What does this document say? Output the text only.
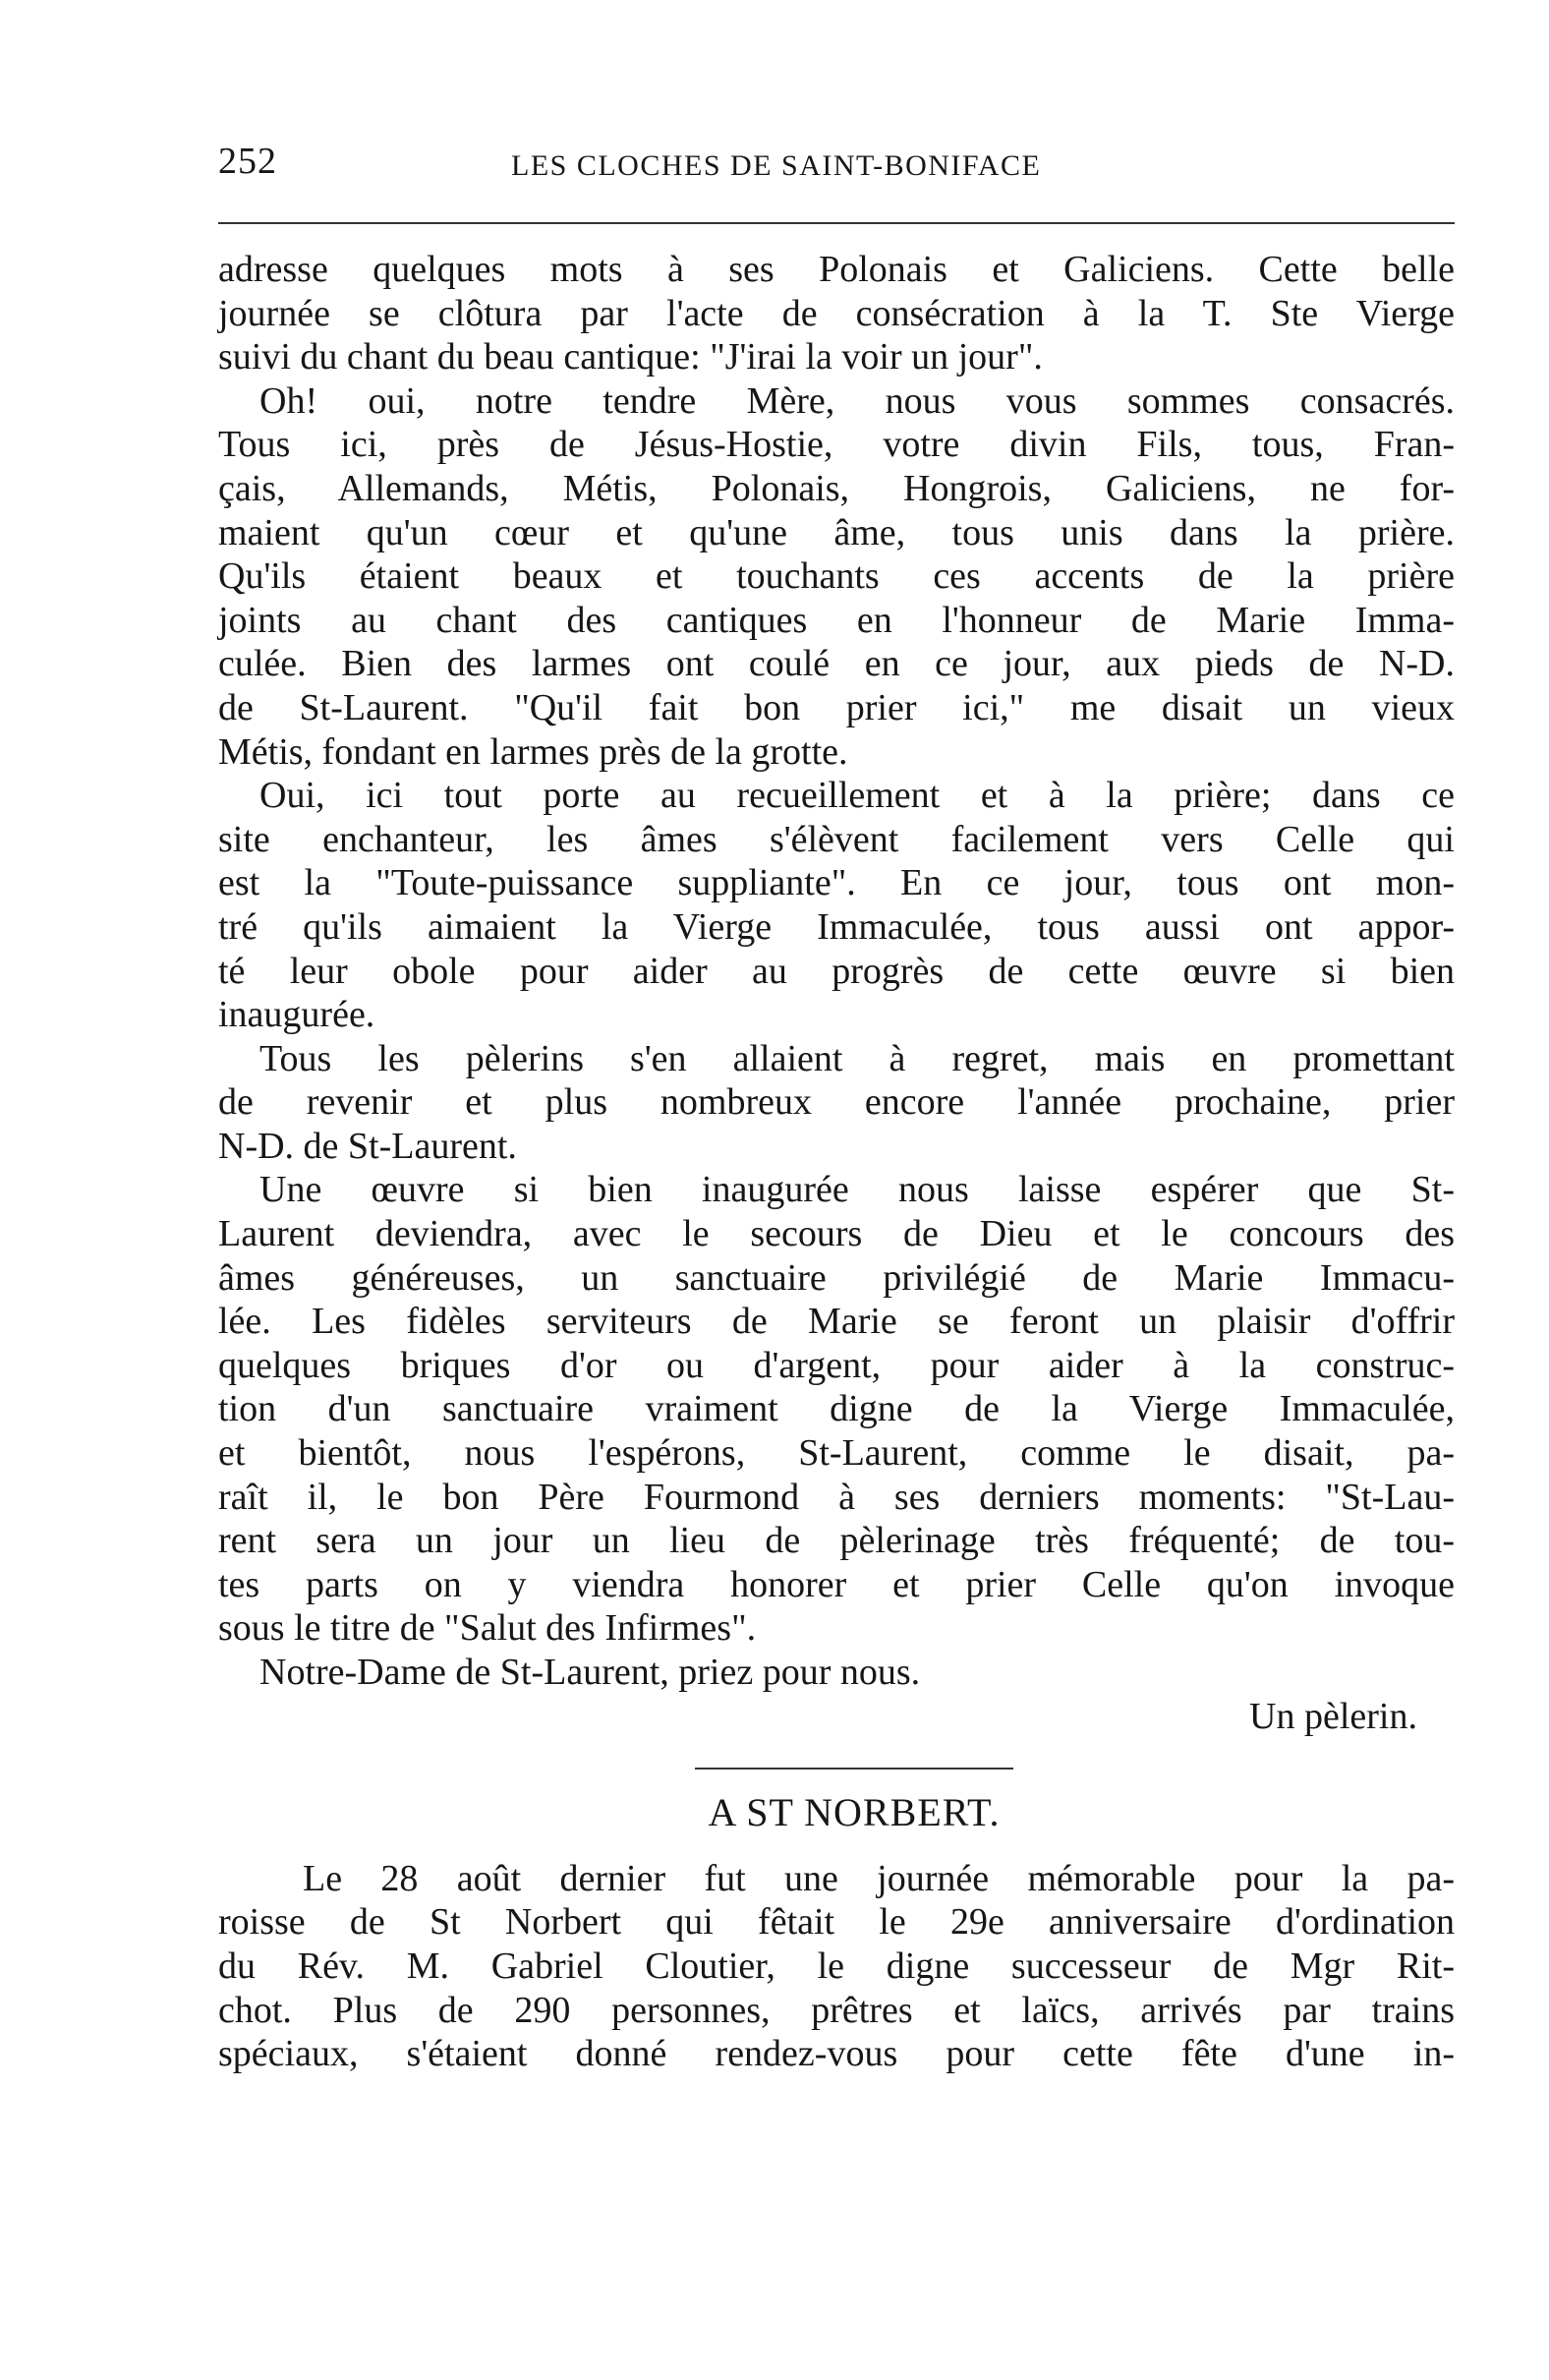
252	LES CLOCHES DE SAINT-BONIFACE
adresse quelques mots à ses Polonais et Galiciens. Cette belle
journée se clôtura par l'acte de consécration à la T. Ste Vierge
suivi du chant du beau cantique: "J'irai la voir un jour".
Oh! oui, notre tendre Mère, nous vous sommes consacrés.
Tous ici, près de Jésus-Hostie, votre divin Fils, tous, Fran-
çais, Allemands, Métis, Polonais, Hongrois, Galiciens, ne for-
maient qu'un cœur et qu'une âme, tous unis dans la prière.
Qu'ils étaient beaux et touchants ces accents de la prière
joints au chant des cantiques en l'honneur de Marie Imma-
culée. Bien des larmes ont coulé en ce jour, aux pieds de N-D.
de St-Laurent. "Qu'il fait bon prier ici," me disait un vieux
Métis, fondant en larmes près de la grotte.
Oui, ici tout porte au recueillement et à la prière; dans ce
site enchanteur, les âmes s'élèvent facilement vers Celle qui
est la "Toute-puissance suppliante". En ce jour, tous ont mon-
tré qu'ils aimaient la Vierge Immaculée, tous aussi ont appor-
té leur obole pour aider au progrès de cette œuvre si bien
inaugurée.
Tous les pèlerins s'en allaient à regret, mais en promettant
de revenir et plus nombreux encore l'année prochaine, prier
N-D. de St-Laurent.
Une œuvre si bien inaugurée nous laisse espérer que St-
Laurent deviendra, avec le secours de Dieu et le concours des
âmes généreuses, un sanctuaire privilégié de Marie Immacu-
lée. Les fidèles serviteurs de Marie se feront un plaisir d'offrir
quelques briques d'or ou d'argent, pour aider à la construc-
tion d'un sanctuaire vraiment digne de la Vierge Immaculée,
et bientôt, nous l'espérons, St-Laurent, comme le disait, pa-
raît il, le bon Père Fourmond à ses derniers moments: "St-Lau-
rent sera un jour un lieu de pèlerinage très fréquenté; de tou-
tes parts on y viendra honorer et prier Celle qu'on invoque
sous le titre de "Salut des Infirmes".
Notre-Dame de St-Laurent, priez pour nous.
Un pèlerin.
A ST NORBERT.
Le 28 août dernier fut une journée mémorable pour la pa-
roisse de St Norbert qui fêtait le 29e anniversaire d'ordination
du Rév. M. Gabriel Cloutier, le digne successeur de Mgr Rit-
chot. Plus de 290 personnes, prêtres et laïcs, arrivés par trains
spéciaux, s'étaient donné rendez-vous pour cette fête d'une in-
